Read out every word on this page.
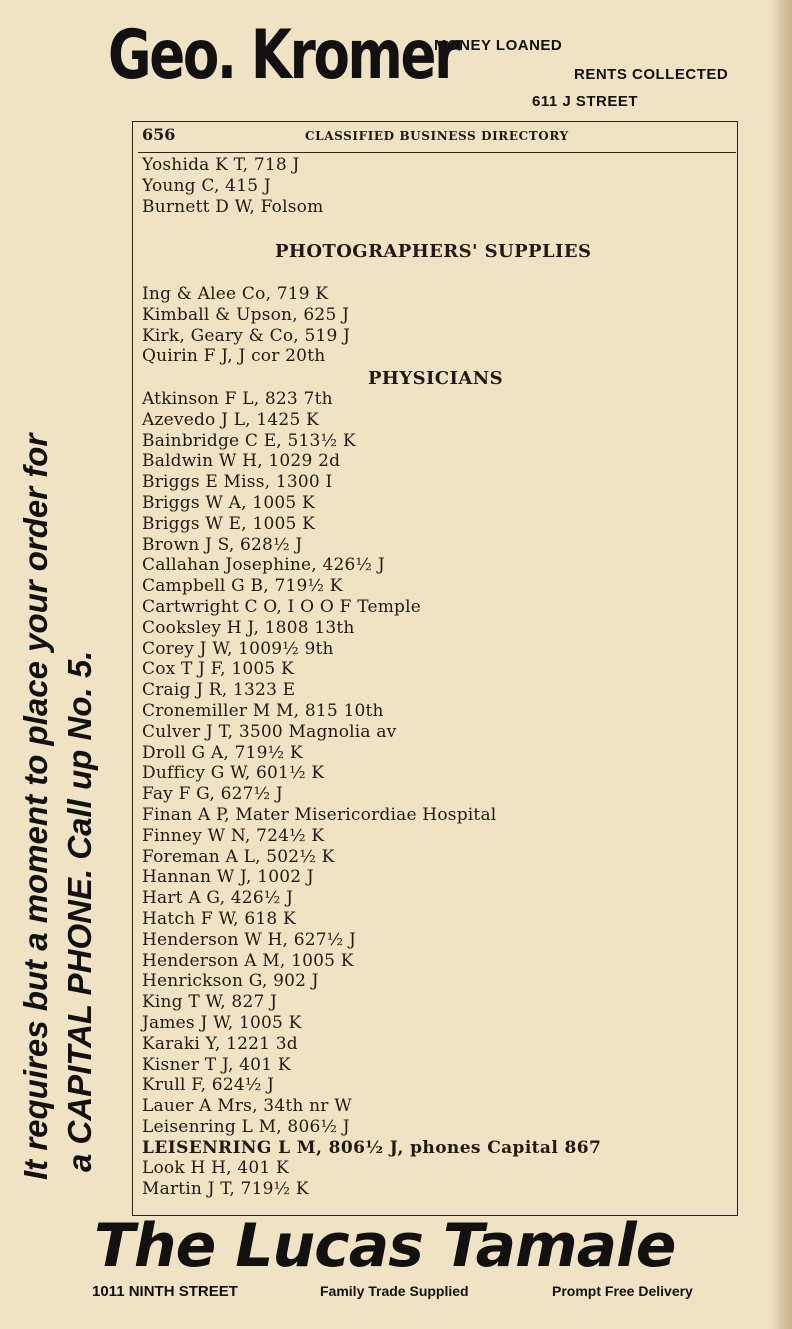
Geo. Kromer
MONEY LOANED
RENTS COLLECTED
611 J STREET
It requires but a moment to place your order for a CAPITAL PHONE. Call up No. 5.
656	CLASSIFIED BUSINESS DIRECTORY
Yoshida K T, 718 J
Young C, 415 J
Burnett D W, Folsom
PHOTOGRAPHERS' SUPPLIES
Ing & Alee Co, 719 K
Kimball & Upson, 625 J
Kirk, Geary & Co, 519 J
Quirin F J, J cor 20th
PHYSICIANS
Atkinson F L, 823 7th
Azevedo J L, 1425 K
Bainbridge C E, 513½ K
Baldwin W H, 1029 2d
Briggs E Miss, 1300 I
Briggs W A, 1005 K
Briggs W E, 1005 K
Brown J S, 628½ J
Callahan Josephine, 426½ J
Campbell G B, 719½ K
Cartwright C O, I O O F Temple
Cooksley H J, 1808 13th
Corey J W, 1009½ 9th
Cox T J F, 1005 K
Craig J R, 1323 E
Cronemiller M M, 815 10th
Culver J T, 3500 Magnolia av
Droll G A, 719½ K
Dufficy G W, 601½ K
Fay F G, 627½ J
Finan A P, Mater Misericordiae Hospital
Finney W N, 724½ K
Foreman A L, 502½ K
Hannan W J, 1002 J
Hart A G, 426½ J
Hatch F W, 618 K
Henderson W H, 627½ J
Henderson A M, 1005 K
Henrickson G, 902 J
King T W, 827 J
James J W, 1005 K
Karaki Y, 1221 3d
Kisner T J, 401 K
Krull F, 624½ J
Lauer A Mrs, 34th nr W
Leisenring L M, 806½ J
LEISENRING L M, 806½ J, phones Capital 867
Look H H, 401 K
Martin J T, 719½ K
The Lucas Tamale
1011 NINTH STREET	Family Trade Supplied	Prompt Free Delivery
